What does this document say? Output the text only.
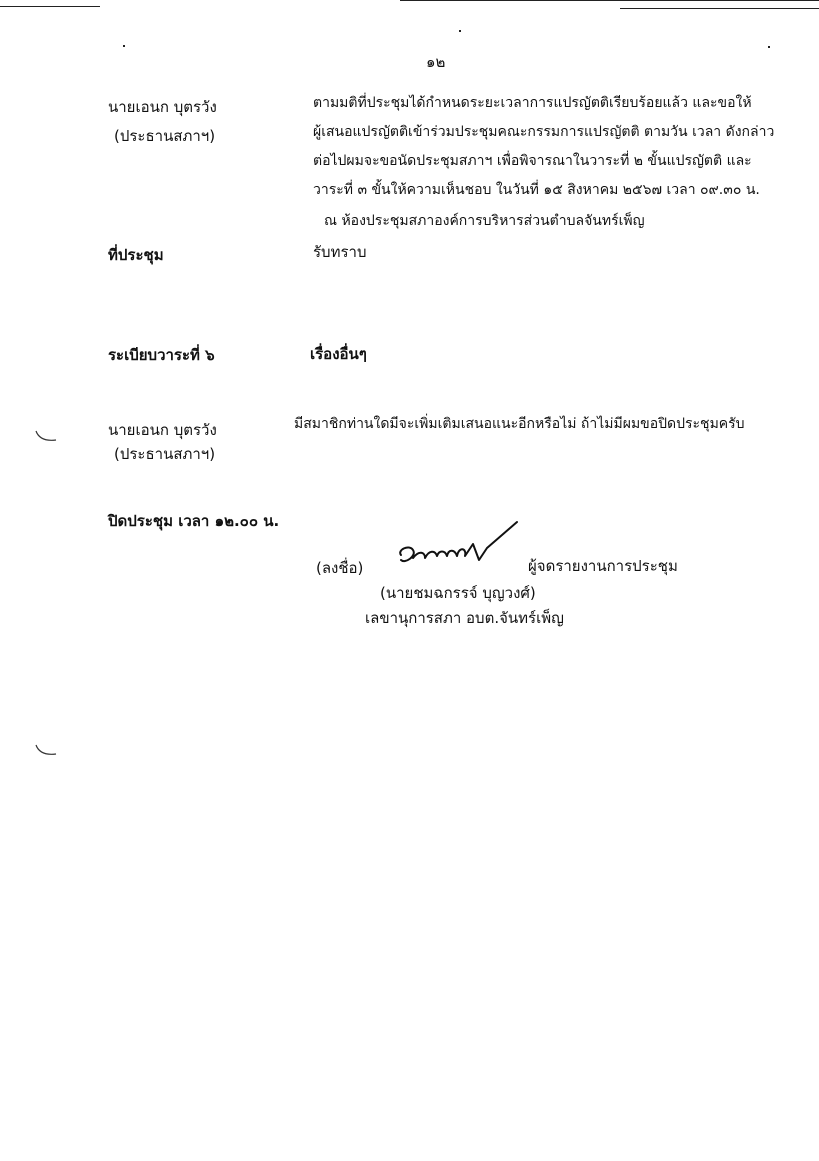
๑๒
นายเอนก บุตรวัง
(ประธานสภาฯ)
ตามมติที่ประชุมได้กำหนดระยะเวลาการแปรญัตติเรียบร้อยแล้ว และขอให้
ผู้เสนอแปรญัตติเข้าร่วมประชุมคณะกรรมการแปรญัตติ ตามวัน เวลา ดังกล่าว
ต่อไปผมจะขอนัดประชุมสภาฯ เพื่อพิจารณาในวาระที่ ๒ ขั้นแปรญัตติ และ
วาระที่ ๓ ขั้นให้ความเห็นชอบ ในวันที่ ๑๕ สิงหาคม ๒๕๖๗ เวลา ๐๙.๓๐ น.
ณ ห้องประชุมสภาองค์การบริหารส่วนตำบลจันทร์เพ็ญ
ที่ประชุม	รับทราบ
ระเบียบวาระที่ ๖	เรื่องอื่นๆ
นายเอนก บุตรวัง
(ประธานสภาฯ)
มีสมาชิกท่านใดมีจะเพิ่มเติมเสนอแนะอีกหรือไม่ ถ้าไม่มีผมขอปิดประชุมครับ
ปิดประชุม เวลา ๑๒.๐๐ น.
(ลงชื่อ)	ผู้จดรายงานการประชุม
(นายชมฉกรรจ์ บุญวงศ์)
เลขานุการสภา อบต.จันทร์เพ็ญ
